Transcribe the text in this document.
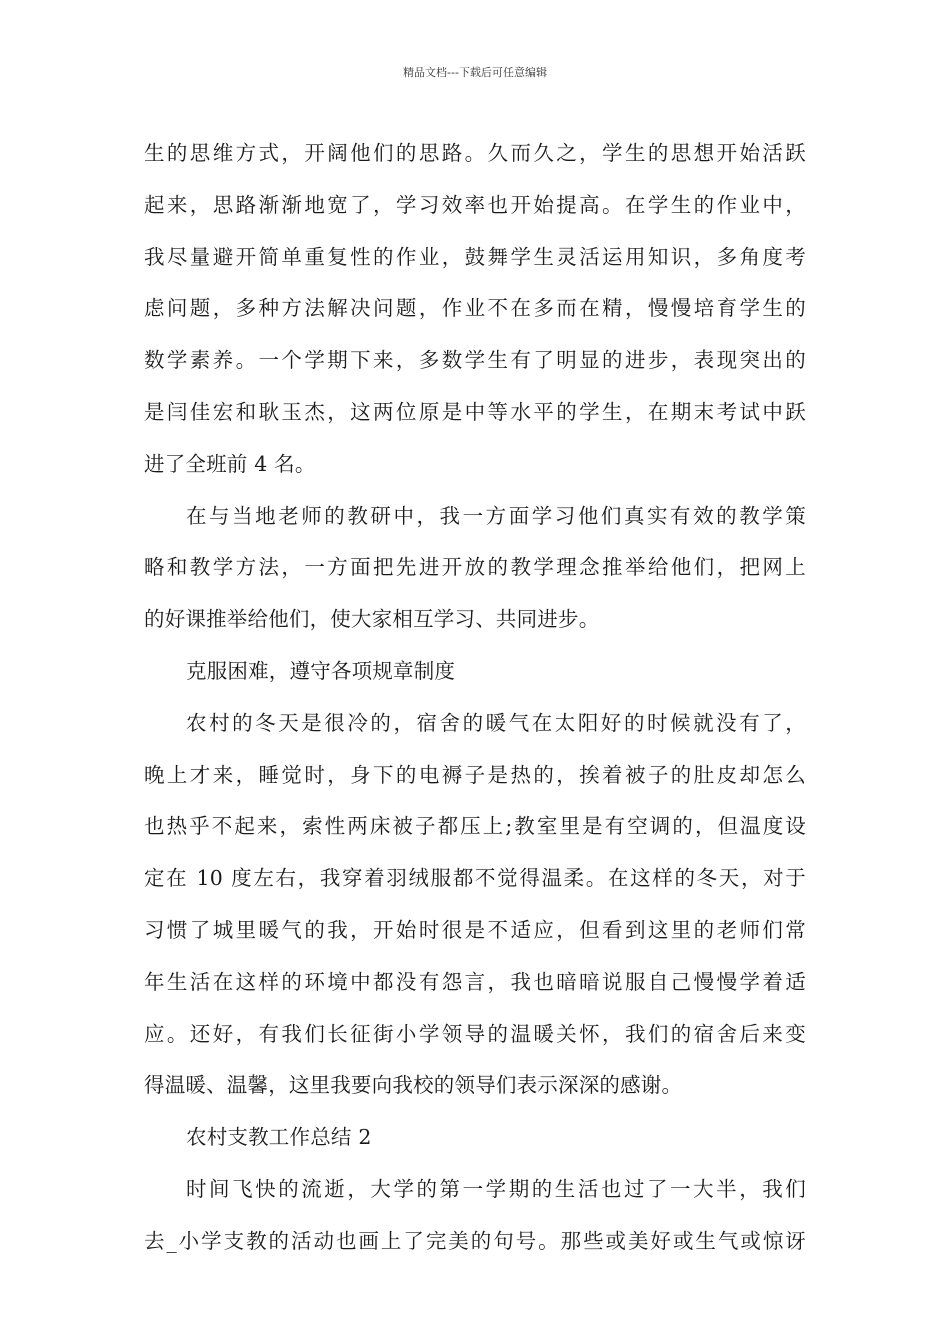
精品文档---下载后可任意编辑
生的思维方式，开阔他们的思路。久而久之，学生的思想开始活跃
起来，思路渐渐地宽了，学习效率也开始提高。在学生的作业中，
我尽量避开简单重复性的作业，鼓舞学生灵活运用知识，多角度考
虑问题，多种方法解决问题，作业不在多而在精，慢慢培育学生的
数学素养。一个学期下来，多数学生有了明显的进步，表现突出的
是闫佳宏和耿玉杰，这两位原是中等水平的学生，在期末考试中跃
进了全班前 4 名。
在与当地老师的教研中，我一方面学习他们真实有效的教学策
略和教学方法，一方面把先进开放的教学理念推举给他们，把网上
的好课推举给他们，使大家相互学习、共同进步。
克服困难，遵守各项规章制度
农村的冬天是很冷的，宿舍的暖气在太阳好的时候就没有了，
晚上才来，睡觉时，身下的电褥子是热的，挨着被子的肚皮却怎么
也热乎不起来，索性两床被子都压上;教室里是有空调的，但温度设
定在 10 度左右，我穿着羽绒服都不觉得温柔。在这样的冬天，对于
习惯了城里暖气的我，开始时很是不适应，但看到这里的老师们常
年生活在这样的环境中都没有怨言，我也暗暗说服自己慢慢学着适
应。还好，有我们长征街小学领导的温暖关怀，我们的宿舍后来变
得温暖、温馨，这里我要向我校的领导们表示深深的感谢。
农村支教工作总结 2
时间飞快的流逝，大学的第一学期的生活也过了一大半，我们
去_小学支教的活动也画上了完美的句号。那些或美好或生气或惊讶
